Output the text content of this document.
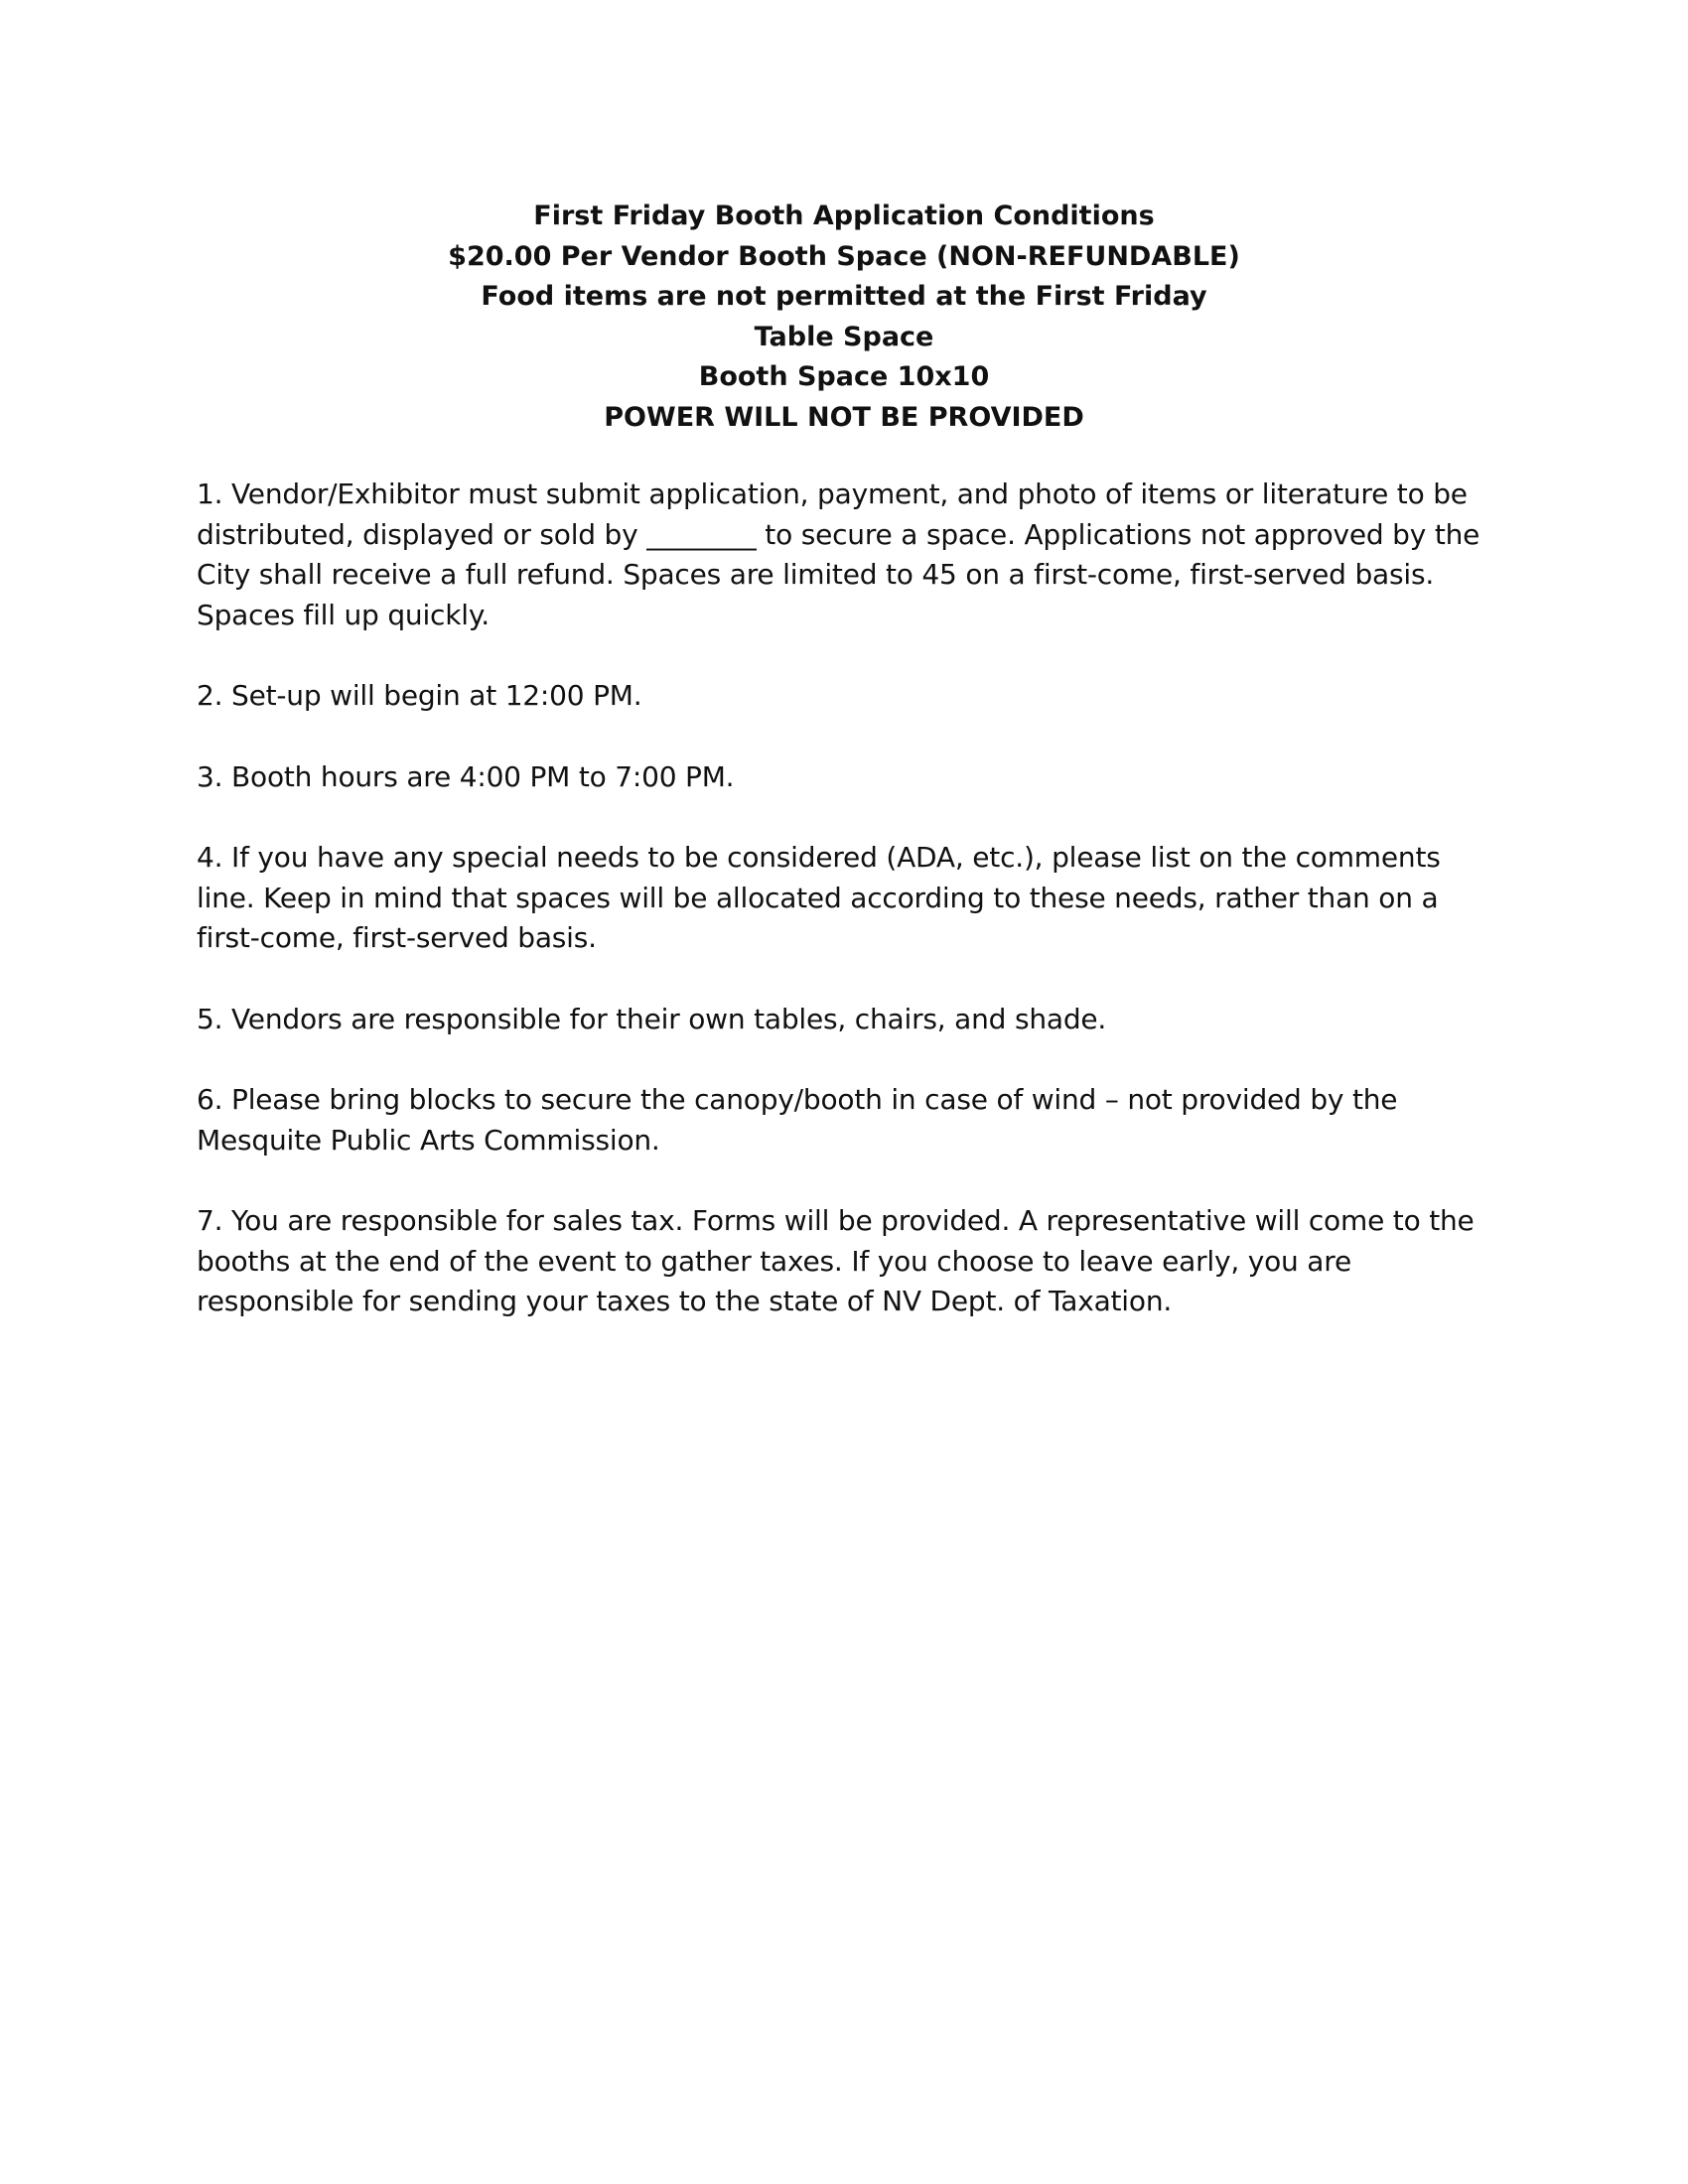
First Friday Booth Application Conditions

$20.00 Per Vendor Booth Space (NON-REFUNDABLE)

Food items are not permitted at the First Friday

Table Space

Booth Space 10x10

POWER WILL NOT BE PROVIDED

1. Vendor/Exhibitor must submit application, payment, and photo of items or literature to be distributed, displayed or sold by ________ to secure a space. Applications not approved by the City shall receive a full refund. Spaces are limited to 45 on a first-come, first-served basis. Spaces fill up quickly.

2. Set-up will begin at 12:00 PM.

3. Booth hours are 4:00 PM to 7:00 PM.

4. If you have any special needs to be considered (ADA, etc.), please list on the comments line. Keep in mind that spaces will be allocated according to these needs, rather than on a first-come, first-served basis.

5. Vendors are responsible for their own tables, chairs, and shade.

6. Please bring blocks to secure the canopy/booth in case of wind – not provided by the Mesquite Public Arts Commission.

7. You are responsible for sales tax. Forms will be provided. A representative will come to the booths at the end of the event to gather taxes. If you choose to leave early, you are responsible for sending your taxes to the state of NV Dept. of Taxation.
